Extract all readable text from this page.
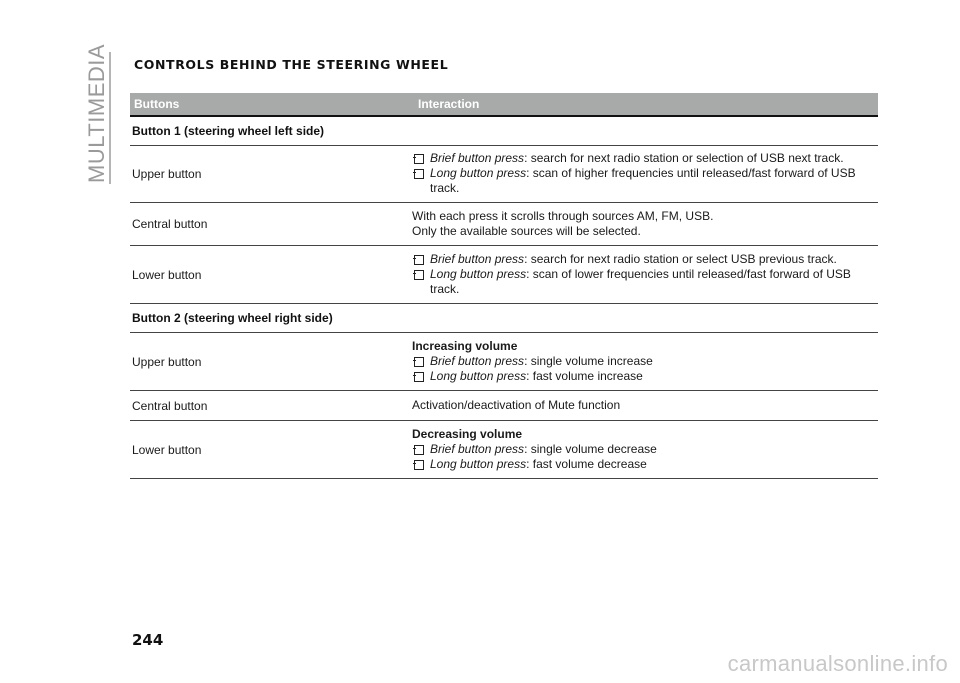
MULTIMEDIA CONTROLS BEHIND THE STEERING WHEEL
Buttons	Interaction
Button 1 (steering wheel left side)
Upper button
Brief button press: search for next radio station or selection of USB next track.
Long button press: scan of higher frequencies until released/fast forward of USB track.
Central button
With each press it scrolls through sources AM, FM, USB.
Only the available sources will be selected.
Lower button
Brief button press: search for next radio station or select USB previous track.
Long button press: scan of lower frequencies until released/fast forward of USB track.
Button 2 (steering wheel right side)
Upper button
Increasing volume
Brief button press: single volume increase
Long button press: fast volume increase
Central button	Activation/deactivation of Mute function
Lower button
Decreasing volume
Brief button press: single volume decrease
Long button press: fast volume decrease
244
carmanualsonline.info
